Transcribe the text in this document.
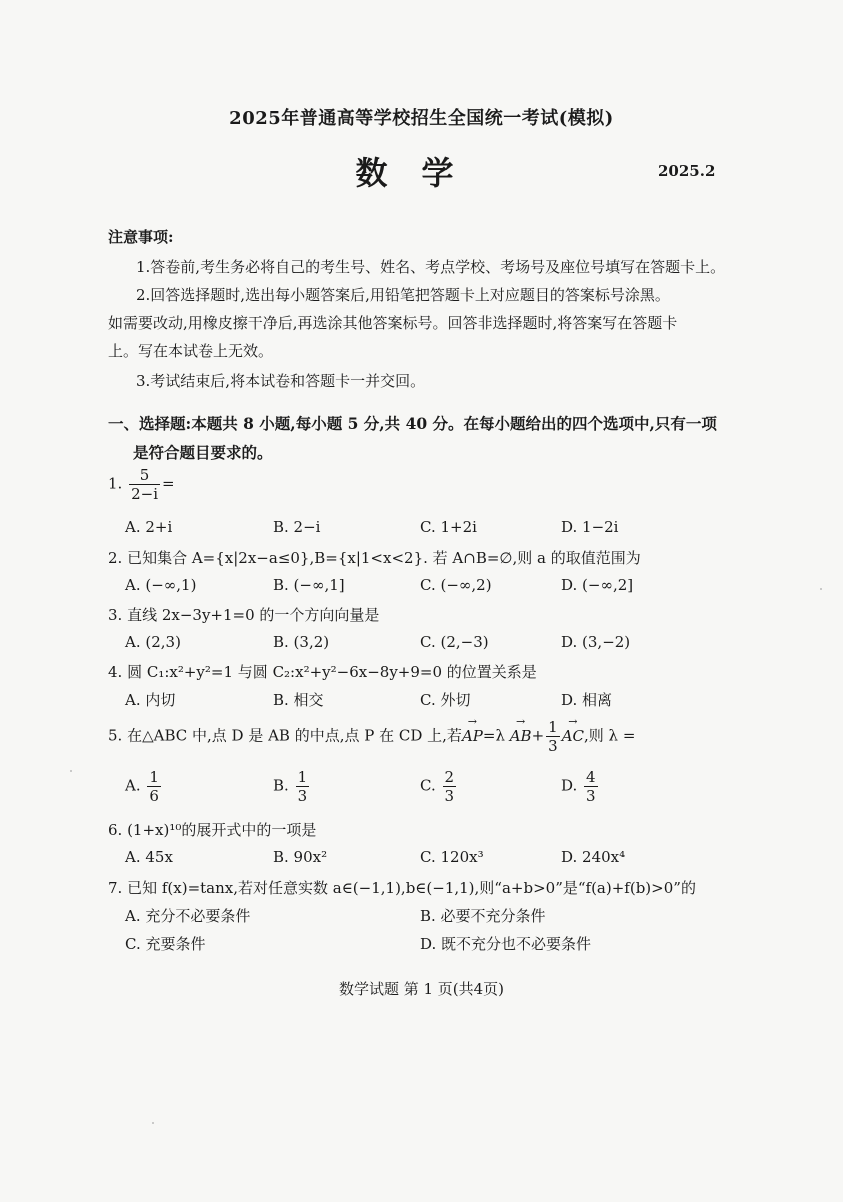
2025年普通高等学校招生全国统一考试(模拟)
数学	2025.2
注意事项:
1.答卷前,考生务必将自己的考生号、姓名、考点学校、考场号及座位号填写在答题卡上。
2.回答选择题时,选出每小题答案后,用铅笔把答题卡上对应题目的答案标号涂黑。
如需要改动,用橡皮擦干净后,再选涂其他答案标号。回答非选择题时,将答案写在答题卡
上。写在本试卷上无效。
3.考试结束后,将本试卷和答题卡一并交回。
一、选择题:本题共 8 小题,每小题 5 分,共 40 分。在每小题给出的四个选项中,只有一项
是符合题目要求的。
1. $\frac{5}{2-i}$ =
A. 2+i	B. 2−i	C. 1+2i	D. 1−2i
2. 已知集合 A={x|2x−a≤0},B={x|1<x<2}. 若 A∩B=∅,则 a 的取值范围为
A. (−∞,1)	B. (−∞,1]	C. (−∞,2)	D. (−∞,2]
3. 直线 2x−3y+1=0 的一个方向向量是
A. (2,3)	B. (3,2)	C. (2,−3)	D. (3,−2)
4. 圆 C₁:x²+y²=1 与圆 C₂:x²+y²−6x−8y+9=0 的位置关系是
A. 内切	B. 相交	C. 外切	D. 相离
5. 在△ABC 中,点 D 是 AB 的中点,点 P 在 CD 上,若→ $AP=\lambda \to AB+ \frac{1}{3}$
→ AC,则 λ =
A. $\frac{1}{6}$	B. $\frac{1}{3}$	C. $\frac{2}{3}$	D. $\frac{4}{3}$
6. (1+x)¹⁰的展开式中的一项是
A. 45x	B. 90x²	C. 120x³	D. 240x⁴
7. 已知 f(x)=tanx,若对任意实数 a∈(−1,1),b∈(−1,1),则“a+b>0”是“f(a)+f(b)>0”的
A. 充分不必要条件	B. 必要不充分条件
C. 充要条件	D. 既不充分也不必要条件
数学试题 第 1 页(共4页)
